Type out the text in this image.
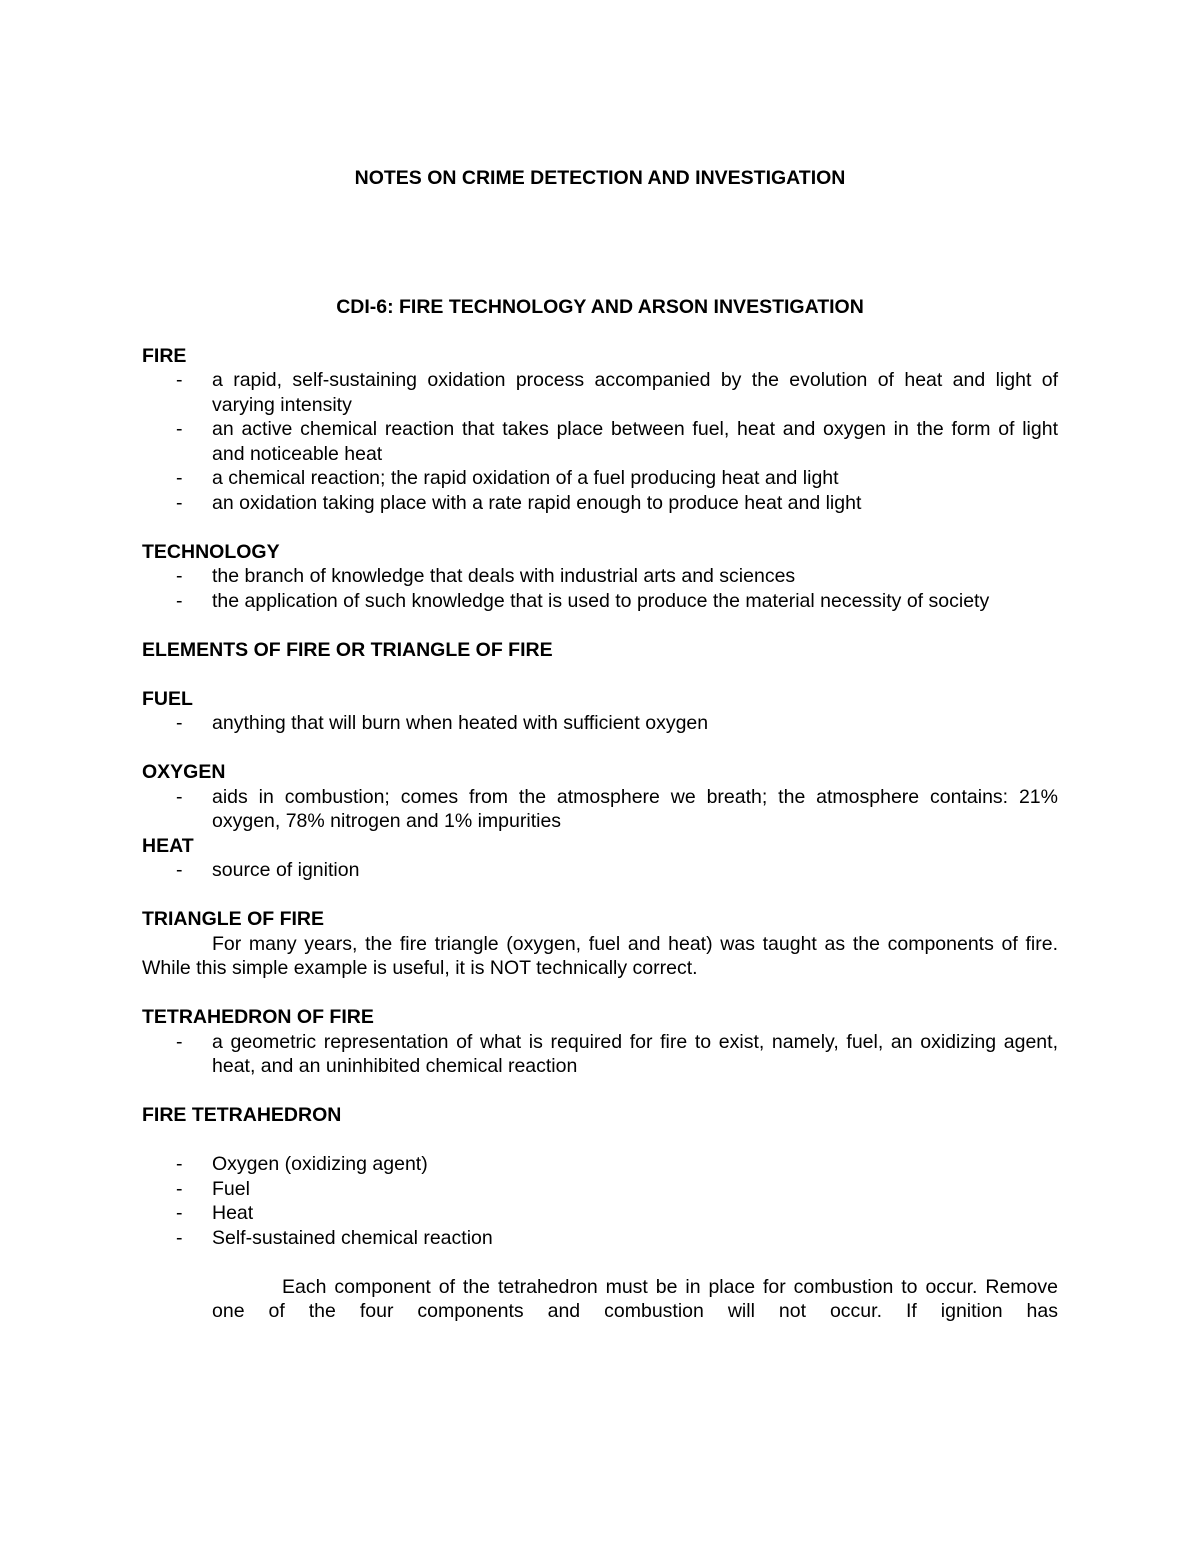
NOTES ON CRIME DETECTION AND INVESTIGATION

CDI-6: FIRE TECHNOLOGY AND ARSON INVESTIGATION

FIRE

- a rapid, self-sustaining oxidation process accompanied by the evolution of heat and light of varying intensity
- an active chemical reaction that takes place between fuel, heat and oxygen in the form of light and noticeable heat
- a chemical reaction; the rapid oxidation of a fuel producing heat and light
- an oxidation taking place with a rate rapid enough to produce heat and light

TECHNOLOGY

- the branch of knowledge that deals with industrial arts and sciences
- the application of such knowledge that is used to produce the material necessity of society

ELEMENTS OF FIRE OR TRIANGLE OF FIRE

FUEL

- anything that will burn when heated with sufficient oxygen

OXYGEN

- aids in combustion; comes from the atmosphere we breath; the atmosphere contains: 21% oxygen, 78% nitrogen and 1% impurities

HEAT

- source of ignition

TRIANGLE OF FIRE

For many years, the fire triangle (oxygen, fuel and heat) was taught as the components of fire. While this simple example is useful, it is NOT technically correct.

TETRAHEDRON OF FIRE

- a geometric representation of what is required for fire to exist, namely, fuel, an oxidizing agent, heat, and an uninhibited chemical reaction

FIRE TETRAHEDRON

- Oxygen (oxidizing agent)
- Fuel
- Heat
- Self-sustained chemical reaction

Each component of the tetrahedron must be in place for combustion to occur. Remove one of the four components and combustion will not occur. If ignition has
